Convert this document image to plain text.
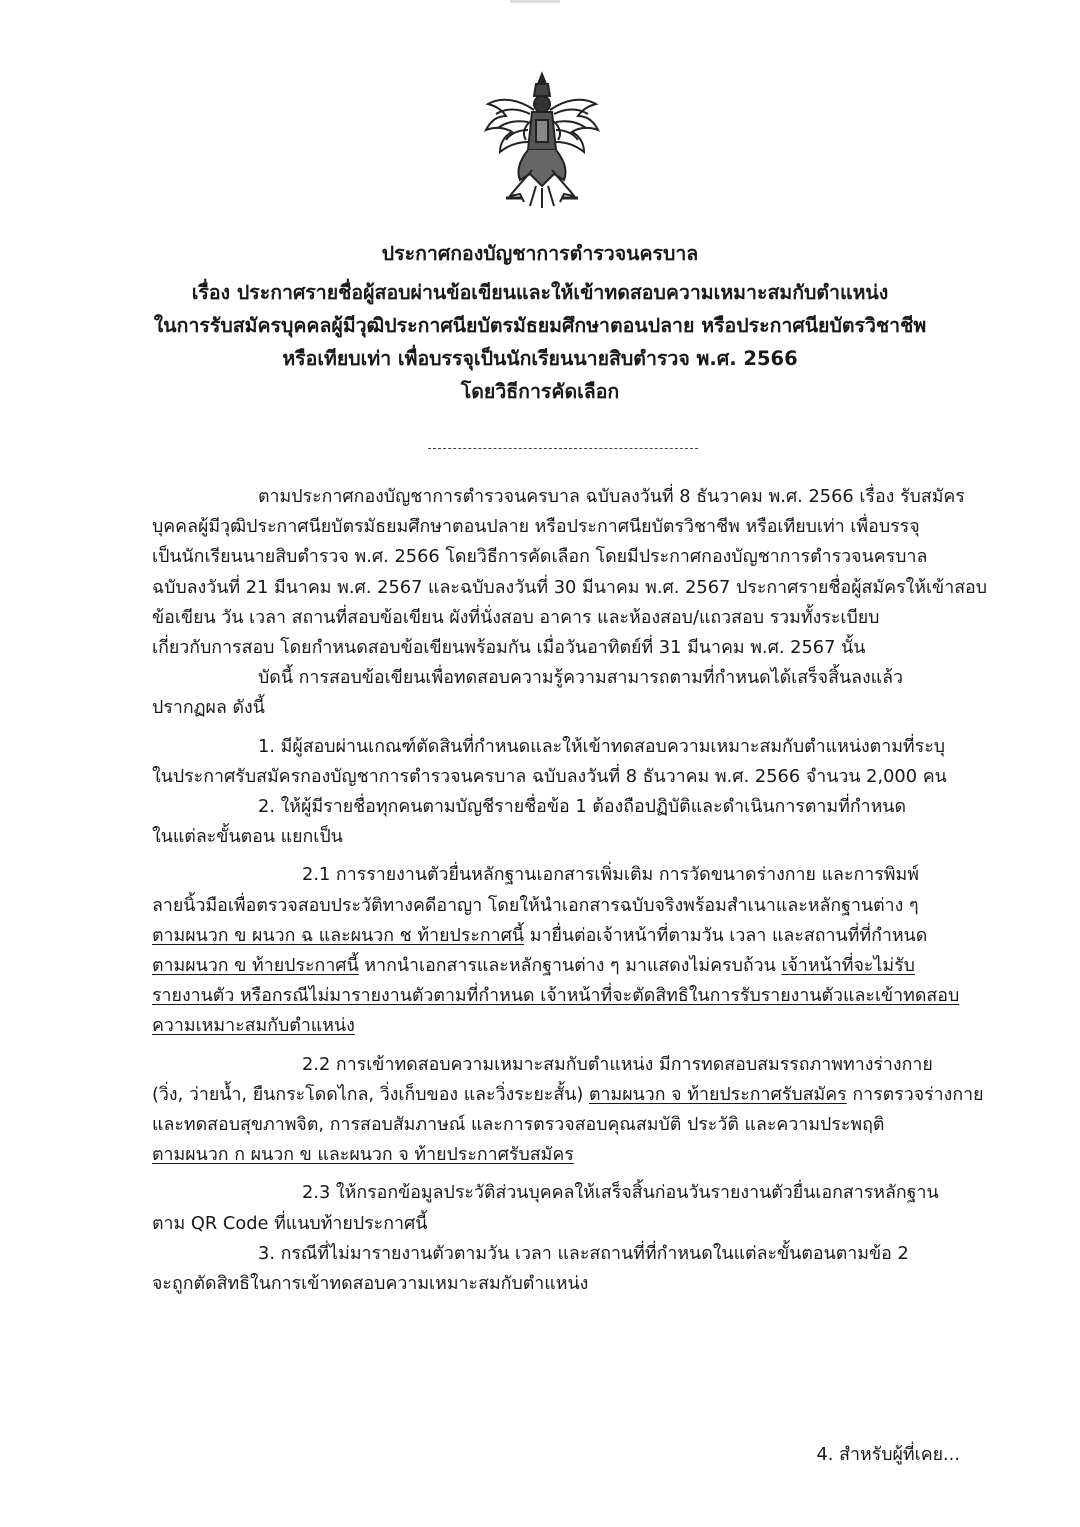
ประกาศกองบัญชาการตำรวจนครบาล
เรื่อง ประกาศรายชื่อผู้สอบผ่านข้อเขียนและให้เข้าทดสอบความเหมาะสมกับตำแหน่ง
ในการรับสมัครบุคคลผู้มีวุฒิประกาศนียบัตรมัธยมศึกษาตอนปลาย หรือประกาศนียบัตรวิชาชีพ
หรือเทียบเท่า เพื่อบรรจุเป็นนักเรียนนายสิบตำรวจ พ.ศ. 2566
โดยวิธีการคัดเลือก

ตามประกาศกองบัญชาการตำรวจนครบาล ฉบับลงวันที่ 8 ธันวาคม พ.ศ. 2566 เรื่อง รับสมัคร
บุคคลผู้มีวุฒิประกาศนียบัตรมัธยมศึกษาตอนปลาย หรือประกาศนียบัตรวิชาชีพ หรือเทียบเท่า เพื่อบรรจุ
เป็นนักเรียนนายสิบตำรวจ พ.ศ. 2566 โดยวิธีการคัดเลือก โดยมีประกาศกองบัญชาการตำรวจนครบาล
ฉบับลงวันที่ 21 มีนาคม พ.ศ. 2567 และฉบับลงวันที่ 30 มีนาคม พ.ศ. 2567 ประกาศรายชื่อผู้สมัครให้เข้าสอบ
ข้อเขียน วัน เวลา สถานที่สอบข้อเขียน ผังที่นั่งสอบ อาคาร และห้องสอบ/แถวสอบ รวมทั้งระเบียบ
เกี่ยวกับการสอบ โดยกำหนดสอบข้อเขียนพร้อมกัน เมื่อวันอาทิตย์ที่ 31 มีนาคม พ.ศ. 2567 นั้น

บัดนี้ การสอบข้อเขียนเพื่อทดสอบความรู้ความสามารถตามที่กำหนดได้เสร็จสิ้นลงแล้ว
ปรากฏผล ดังนี้

1. มีผู้สอบผ่านเกณฑ์ตัดสินที่กำหนดและให้เข้าทดสอบความเหมาะสมกับตำแหน่งตามที่ระบุ
ในประกาศรับสมัครกองบัญชาการตำรวจนครบาล ฉบับลงวันที่ 8 ธันวาคม พ.ศ. 2566 จำนวน 2,000 คน

2. ให้ผู้มีรายชื่อทุกคนตามบัญชีรายชื่อข้อ 1 ต้องถือปฏิบัติและดำเนินการตามที่กำหนด
ในแต่ละขั้นตอน แยกเป็น

2.1 การรายงานตัวยื่นหลักฐานเอกสารเพิ่มเติม การวัดขนาดร่างกาย และการพิมพ์
ลายนิ้วมือเพื่อตรวจสอบประวัติทางคดีอาญา โดยให้นำเอกสารฉบับจริงพร้อมสำเนาและหลักฐานต่าง ๆ
ตามผนวก ข ผนวก ฉ และผนวก ช ท้ายประกาศนี้ มายื่นต่อเจ้าหน้าที่ตามวัน เวลา และสถานที่ที่กำหนด
ตามผนวก ข ท้ายประกาศนี้ หากนำเอกสารและหลักฐานต่าง ๆ มาแสดงไม่ครบถ้วน เจ้าหน้าที่จะไม่รับ
รายงานตัว หรือกรณีไม่มารายงานตัวตามที่กำหนด เจ้าหน้าที่จะตัดสิทธิในการรับรายงานตัวและเข้าทดสอบ
ความเหมาะสมกับตำแหน่ง

2.2 การเข้าทดสอบความเหมาะสมกับตำแหน่ง มีการทดสอบสมรรถภาพทางร่างกาย
(วิ่ง, ว่ายน้ำ, ยืนกระโดดไกล, วิ่งเก็บของ และวิ่งระยะสั้น) ตามผนวก จ ท้ายประกาศรับสมัคร การตรวจร่างกาย
และทดสอบสุขภาพจิต, การสอบสัมภาษณ์ และการตรวจสอบคุณสมบัติ ประวัติ และความประพฤติ
ตามผนวก ก ผนวก ข และผนวก จ ท้ายประกาศรับสมัคร

2.3 ให้กรอกข้อมูลประวัติส่วนบุคคลให้เสร็จสิ้นก่อนวันรายงานตัวยื่นเอกสารหลักฐาน
ตาม QR Code ที่แนบท้ายประกาศนี้

3. กรณีที่ไม่มารายงานตัวตามวัน เวลา และสถานที่ที่กำหนดในแต่ละขั้นตอนตามข้อ 2
จะถูกตัดสิทธิในการเข้าทดสอบความเหมาะสมกับตำแหน่ง

4. สำหรับผู้ที่เคย...
